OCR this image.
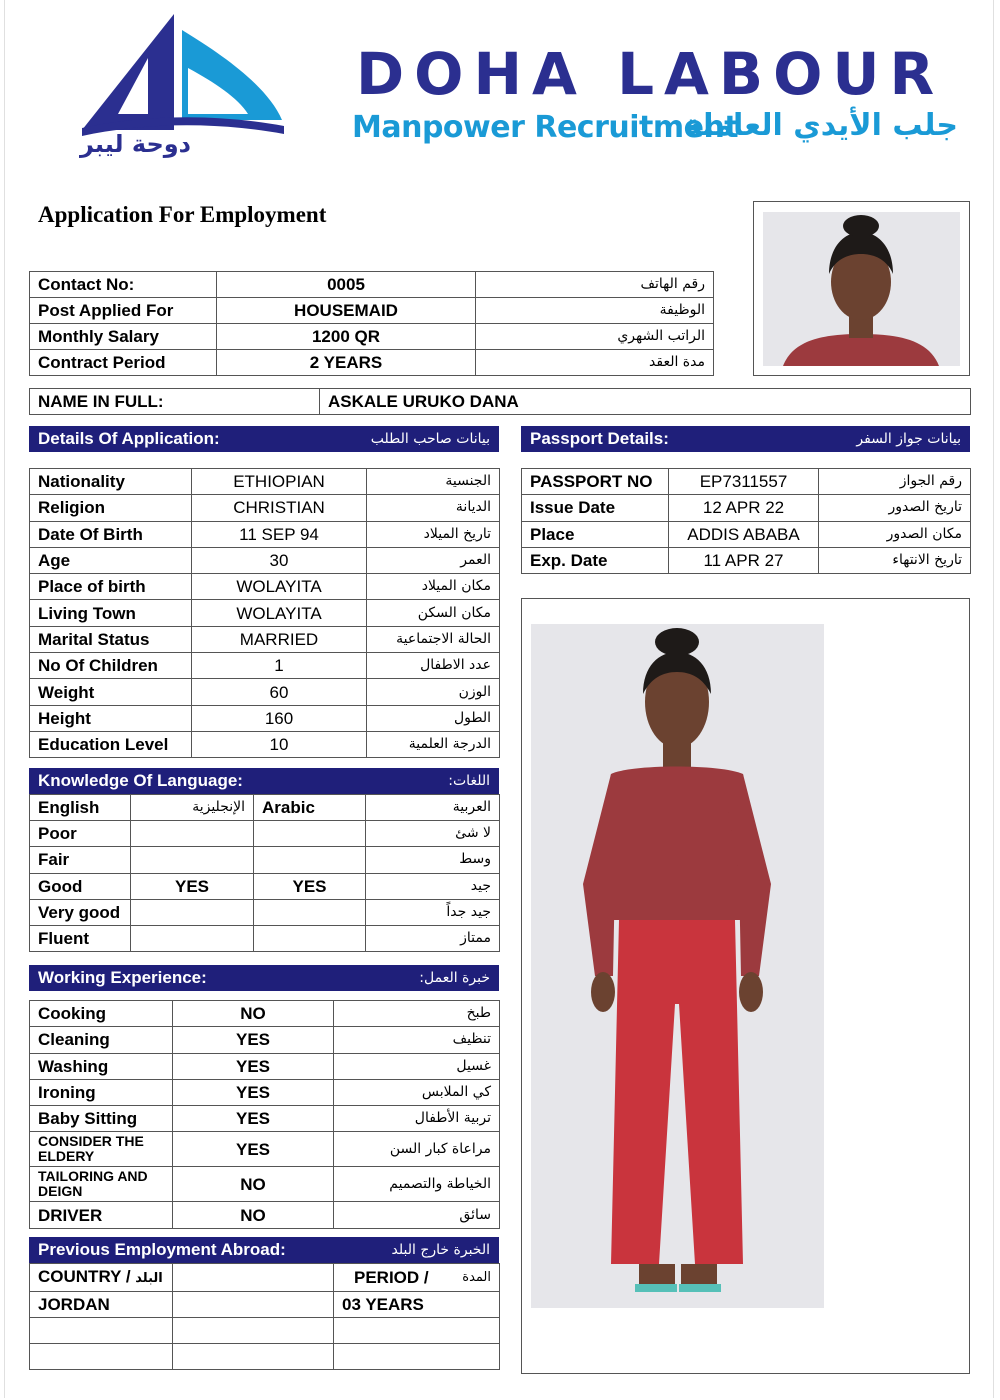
دوحة ليبر
DOHA LABOUR
Manpower Recruitment
جلب الأيدي العاملة
Application For Employment
Contact No:	0005	رقم الهاتف
Post Applied For	HOUSEMAID	الوظيفة
Monthly Salary	1200 QR	الراتب الشهري
Contract Period	2 YEARS	مدة العقد
NAME IN FULL:	ASKALE URUKO DANA
Details Of Application:	بيانات صاحب الطلب
Nationality	ETHIOPIAN	الجنسية
Religion	CHRISTIAN	الديانة
Date Of Birth	11 SEP 94	تاريخ الميلاد
Age	30	العمر
Place of birth	WOLAYITA	مكان الميلاد
Living Town	WOLAYITA	مكان السكن
Marital Status	MARRIED	الحالة الاجتماعية
No Of Children	1	عدد الاطفال
Weight	60	الوزن
Height	160	الطول
Education Level	10	الدرجة العلمية
Passport Details:	بيانات جواز السفر
PASSPORT NO	EP7311557	رقم الجواز
Issue Date	12 APR 22	تاريخ الصدور
Place	ADDIS ABABA	مكان الصدور
Exp. Date	11 APR 27	تاريخ الانتهاء
Knowledge Of Language:	اللغات:
English	الإنجليزية	Arabic	العربية
Poor			لا شئ
Fair			وسط
Good	YES	YES	جيد
Very good			جيد جداً
Fluent			ممتاز
Working Experience:	خبرة العمل:
Cooking	NO	طبخ
Cleaning	YES	تنظيف
Washing	YES	غسيل
Ironing	YES	كي الملابس
Baby Sitting	YES	تربية الأطفال
CONSIDER THE ELDERY	YES	مراعاة كبار السن
TAILORING AND DEIGN	NO	الخياطة والتصميم
DRIVER	NO	سائق
Previous Employment Abroad:	الخبرة خارج البلد
COUNTRY / البلد		PERIOD / المدة

JORDAN		03 YEARS
